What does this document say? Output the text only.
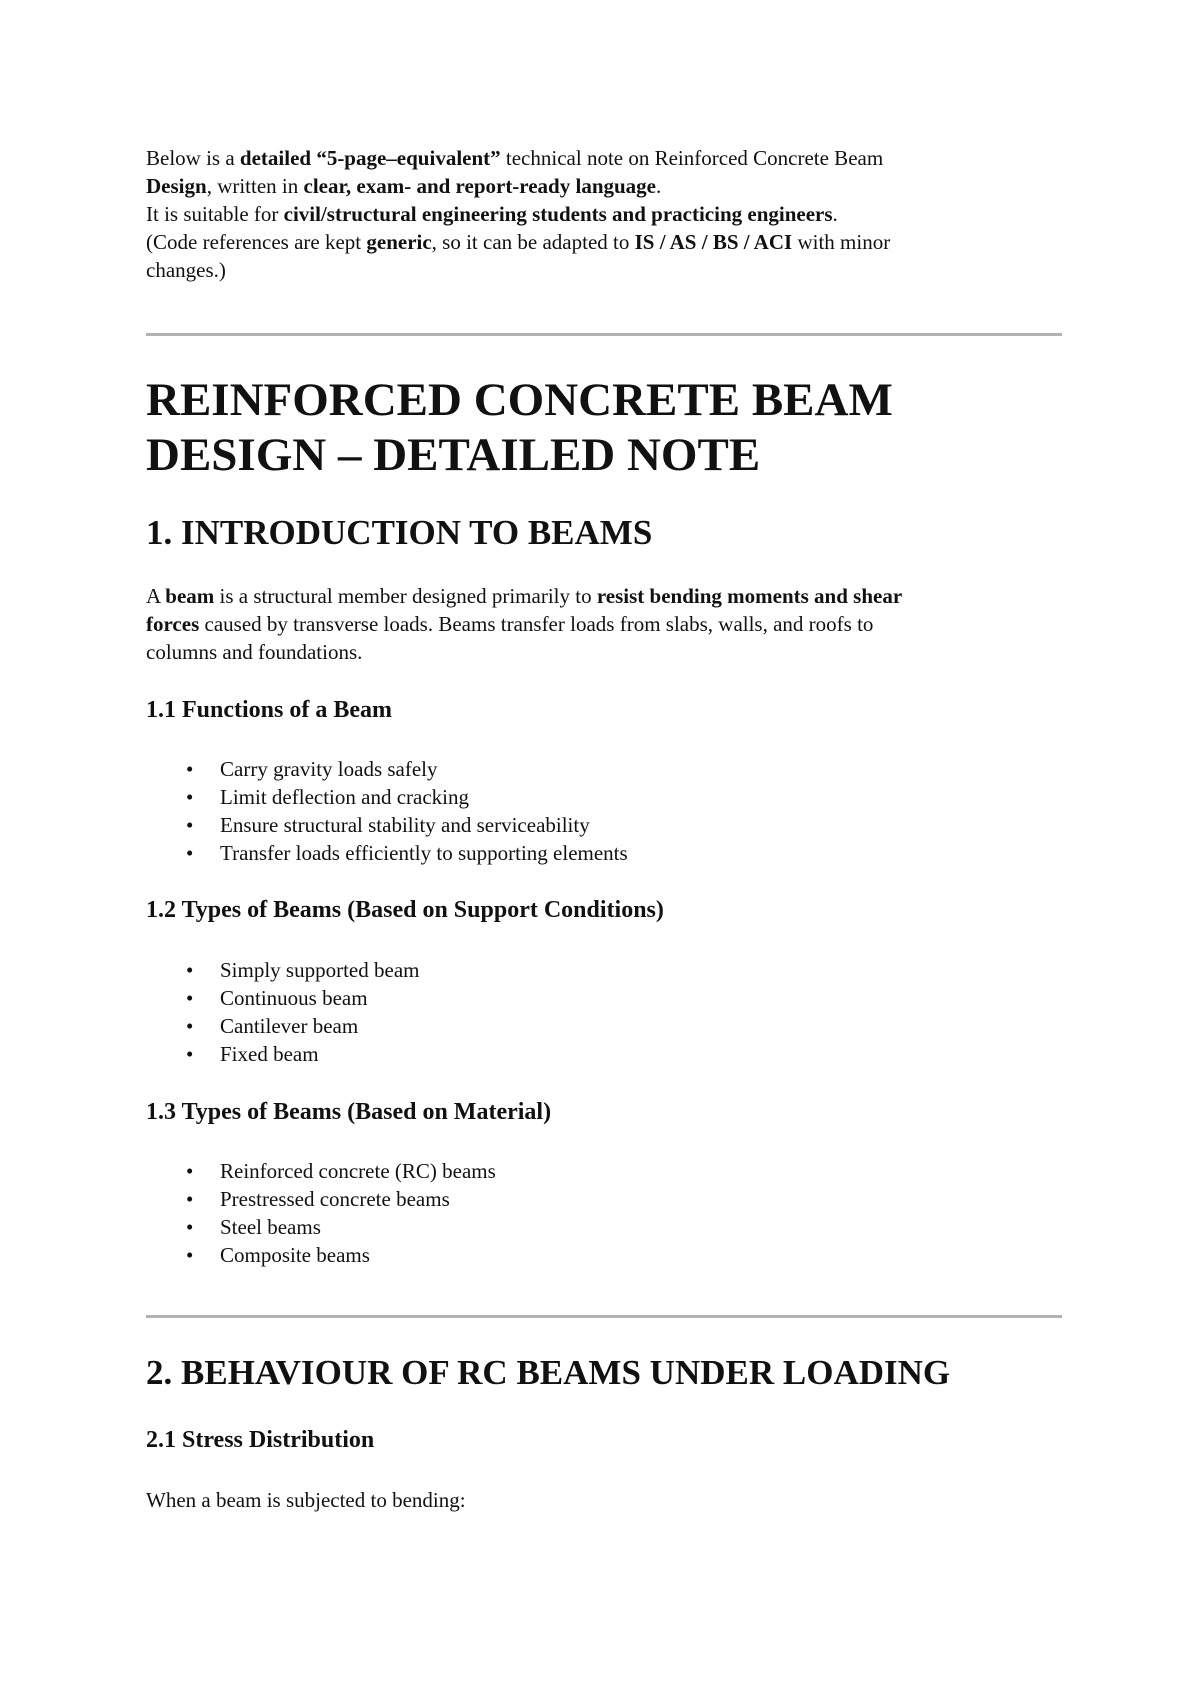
Below is a detailed “5-page–equivalent” technical note on Reinforced Concrete Beam

Design, written in clear, exam- and report-ready language.

It is suitable for civil/structural engineering students and practicing engineers.

(Code references are kept generic, so it can be adapted to IS / AS / BS / ACI with minor

changes.)

REINFORCED CONCRETE BEAM
DESIGN – DETAILED NOTE
1. INTRODUCTION TO BEAMS

A beam is a structural member designed primarily to resist bending moments and shear
forces caused by transverse loads. Beams transfer loads from slabs, walls, and roofs to
columns and foundations.

1.1 Functions of a Beam
• Carry gravity loads safely
• Limit deflection and cracking
• Ensure structural stability and serviceability
• Transfer loads efficiently to supporting elements
1.2 Types of Beams (Based on Support Conditions)
• Simply supported beam
• Continuous beam
• Cantilever beam
• Fixed beam
1.3 Types of Beams (Based on Material)
• Reinforced concrete (RC) beams
• Prestressed concrete beams
• Steel beams
• Composite beams
2. BEHAVIOUR OF RC BEAMS UNDER LOADING
2.1 Stress Distribution

When a beam is subjected to bending:
